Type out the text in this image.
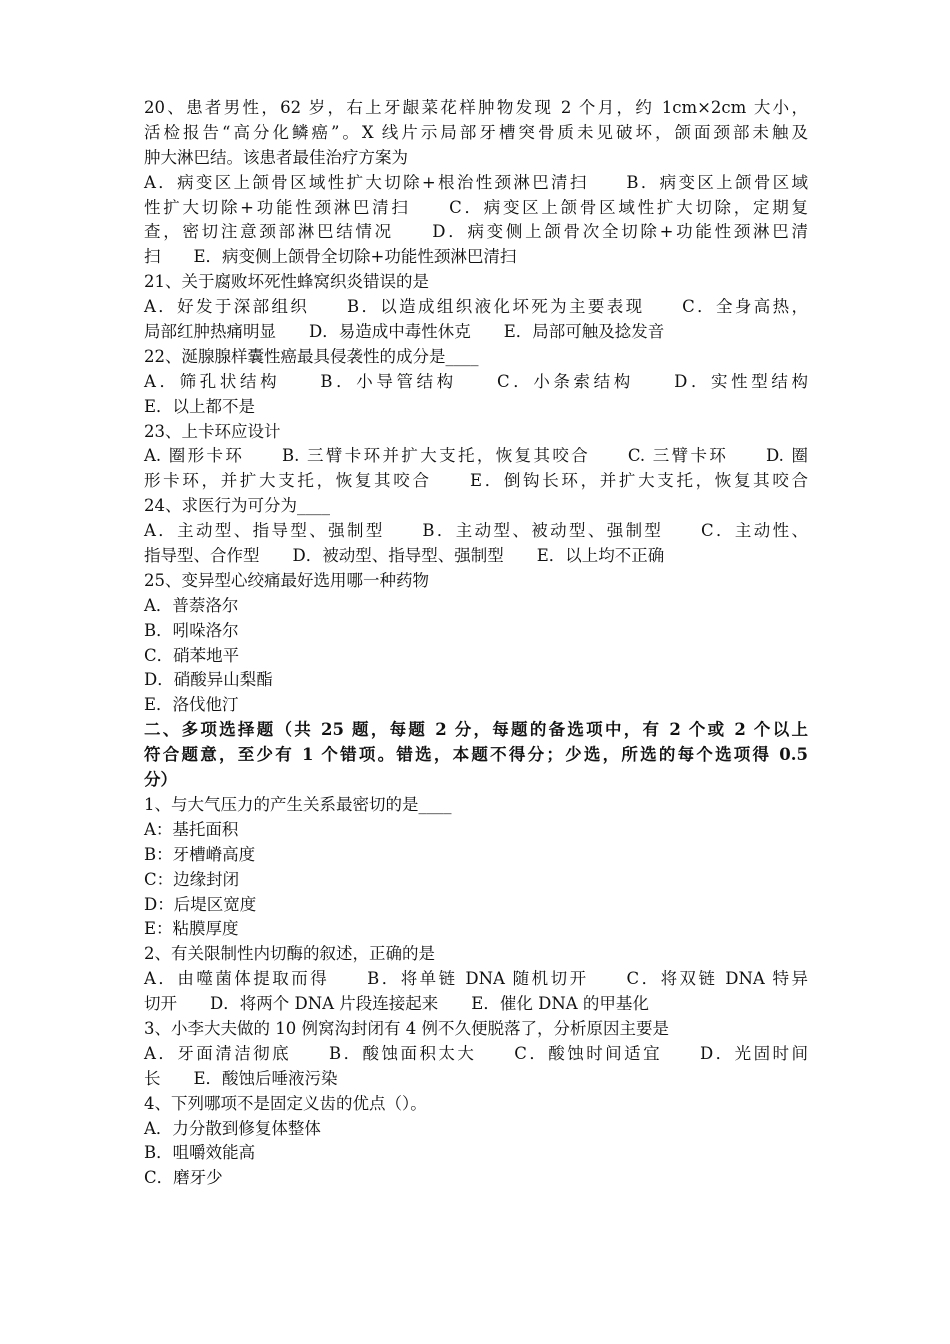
20、患者男性，62 岁，右上牙龈菜花样肿物发现 2 个月，约 1cm×2cm 大小，
活检报告“高分化鳞癌”。X 线片示局部牙槽突骨质未见破坏，颌面颈部未触及
肿大淋巴结。该患者最佳治疗方案为
A．病变区上颌骨区域性扩大切除+根治性颈淋巴清扫　　B．病变区上颌骨区域
性扩大切除+功能性颈淋巴清扫　　C．病变区上颌骨区域性扩大切除，定期复
查，密切注意颈部淋巴结情况　　D．病变侧上颌骨次全切除+功能性颈淋巴清
扫　　E．病变侧上颌骨全切除+功能性颈淋巴清扫
21、关于腐败坏死性蜂窝织炎错误的是
A．好发于深部组织　　B．以造成组织液化坏死为主要表现　　C．全身高热，
局部红肿热痛明显　　D．易造成中毒性休克　　E．局部可触及捻发音
22、涎腺腺样囊性癌最具侵袭性的成分是____
A．筛孔状结构　　B．小导管结构　　C．小条索结构　　D．实性型结构
E．以上都不是
23、上卡环应设计
A. 圈形卡环　　B. 三臂卡环并扩大支托，恢复其咬合　　C. 三臂卡环　　D. 圈
形卡环，并扩大支托，恢复其咬合　　E．倒钩长环，并扩大支托，恢复其咬合
24、求医行为可分为____
A．主动型、指导型、强制型　　B．主动型、被动型、强制型　　C．主动性、
指导型、合作型　　D．被动型、指导型、强制型　　E．以上均不正确
25、变异型心绞痛最好选用哪一种药物
A．普萘洛尔
B．吲哚洛尔
C．硝苯地平
D．硝酸异山梨酯
E．洛伐他汀
二、多项选择题（共 25 题，每题 2 分，每题的备选项中，有 2 个或 2 个以上
符合题意，至少有 1 个错项。错选，本题不得分；少选，所选的每个选项得 0.5
分）
1、与大气压力的产生关系最密切的是____
A：基托面积
B：牙槽嵴高度
C：边缘封闭
D：后堤区宽度
E：粘膜厚度
2、有关限制性内切酶的叙述，正确的是
A．由噬菌体提取而得　　B．将单链 DNA 随机切开　　C．将双链 DNA 特异
切开　　D．将两个 DNA 片段连接起来　　E．催化 DNA 的甲基化
3、小李大夫做的 10 例窝沟封闭有 4 例不久便脱落了，分析原因主要是
A．牙面清洁彻底　　B．酸蚀面积太大　　C．酸蚀时间适宜　　D．光固时间
长　　E．酸蚀后唾液污染
4、下列哪项不是固定义齿的优点（）。
A．力分散到修复体整体
B．咀嚼效能高
C．磨牙少
